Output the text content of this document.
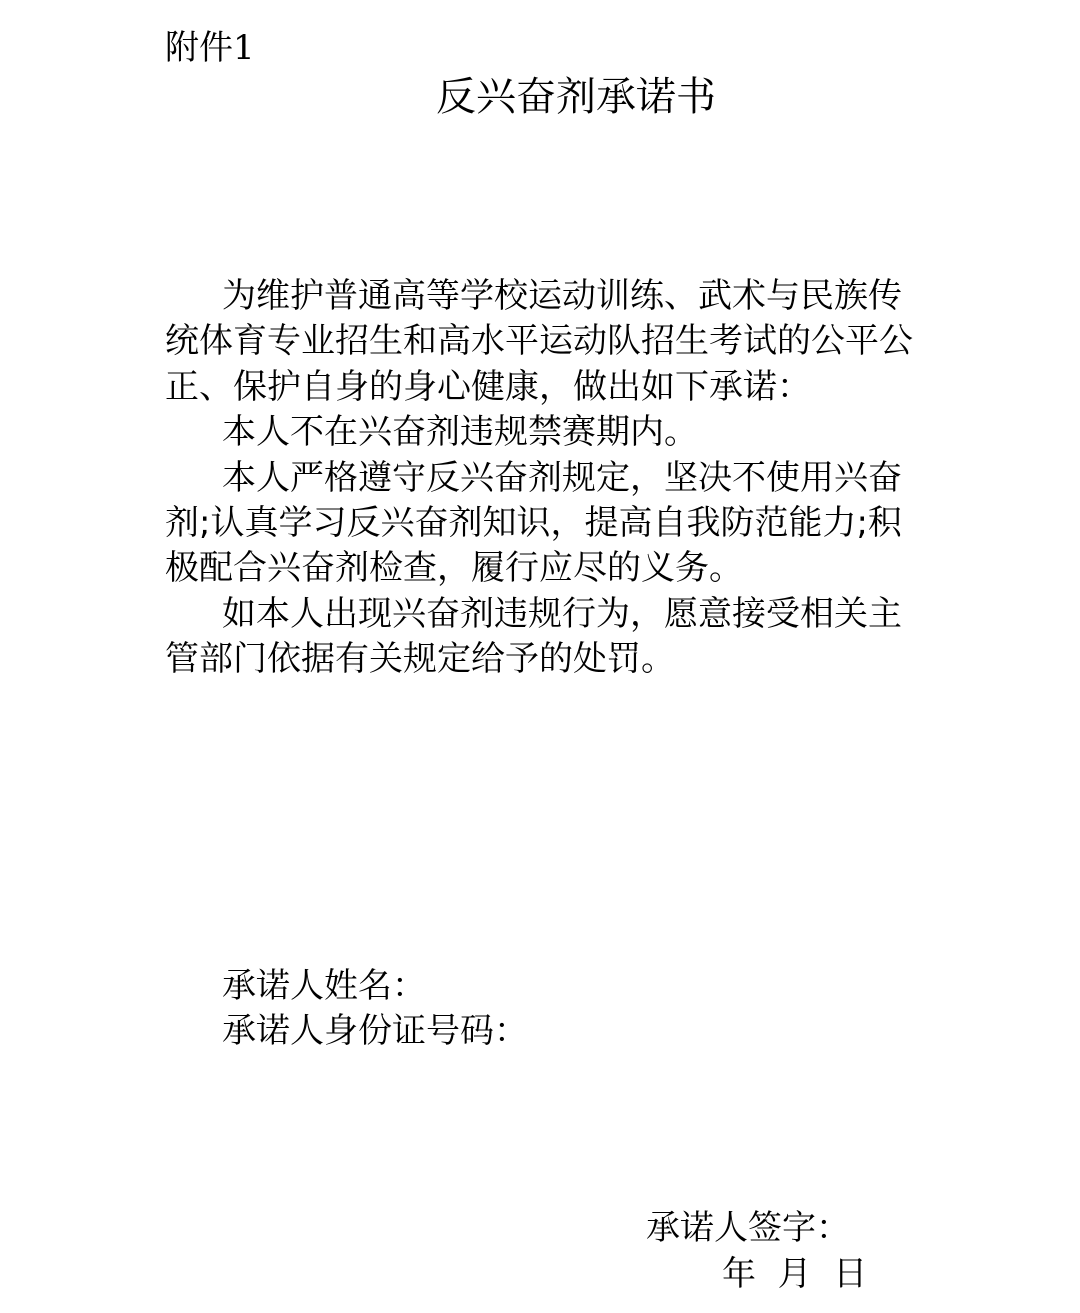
附件1
反兴奋剂承诺书

为维护普通高等学校运动训练、武术与民族传统体育专业招生和高水平运动队招生考试的公平公正、保护自身的身心健康，做出如下承诺：

本人不在兴奋剂违规禁赛期内。

本人严格遵守反兴奋剂规定，坚决不使用兴奋剂;认真学习反兴奋剂知识，提高自我防范能力;积极配合兴奋剂检查，履行应尽的义务。

如本人出现兴奋剂违规行为，愿意接受相关主管部门依据有关规定给予的处罚。

承诺人姓名：
承诺人身份证号码：
承诺人签字：
年  月  日
